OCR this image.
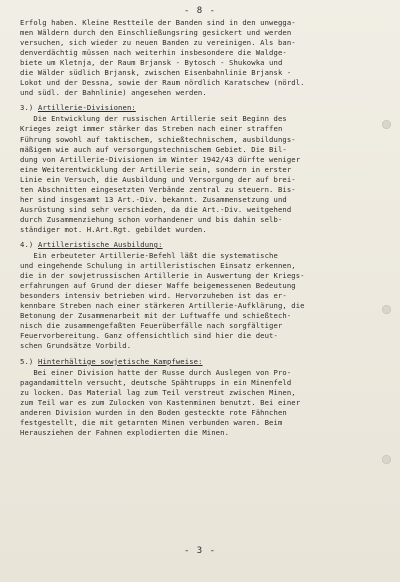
- 8 -

Erfolg haben. Kleine Restteile der Banden sind in den unwegga-
men Wäldern durch den Einschließungsring gesickert und werden
versuchen, sich wieder zu neuen Banden zu vereinigen. Als ban-
denverdächtig müssen nach weiterhin insbesondere die Waldge-
biete um Kletnja, der Raum Brjansk - Bytosch - Shukowka und
die Wälder südlich Brjansk, zwischen Eisenbahnlinie Brjansk -
Lokot und der Dessna, sowie der Raum nördlich Karatschew (nördl.
und südl. der Bahnlinie) angesehen werden.

3.) Artillerie-Divisionen:

Die Entwicklung der russischen Artillerie seit Beginn des
Krieges zeigt immer stärker das Streben nach einer straffen
Führung sowohl auf taktischem, schießtechnischem, ausbildungs-
mäßigem wie auch auf versorgungstechnischem Gebiet. Die Bil-
dung von Artillerie-Divisionen im Winter 1942/43 dürfte weniger
eine Weiterentwicklung der Artillerie sein, sondern in erster
Linie ein Versuch, die Ausbildung und Versorgung der auf brei-
ten Abschnitten eingesetzten Verbände zentral zu steuern. Bis-
her sind insgesamt 13 Art.-Div. bekannt. Zusammensetzung und
Ausrüstung sind sehr verschieden, da die Art.-Div. weitgehend
durch Zusammenziehung schon vorhandener und bis dahin selb-
ständiger mot. H.Art.Rgt. gebildet wurden.

4.) Artilleristische Ausbildung:

Ein erbeuteter Artillerie-Befehl läßt die systematische
und eingehende Schulung in artilleristischen Einsatz erkennen,
die in der sowjetrussischen Artillerie in Auswertung der Kriegs-
erfahrungen auf Grund der dieser Waffe beigemessenen Bedeutung
besonders intensiv betrieben wird. Hervorzuheben ist das er-
kennbare Streben nach einer stärkeren Artillerie-Aufklärung, die
Betonung der Zusammenarbeit mit der Luftwaffe und schießtech-
nisch die zusammengefaßten Feuerüberfälle nach sorgfältiger
Feuervorbereitung. Ganz offensichtlich sind hier die deut-
schen Grundsätze Vorbild.

5.) Hinterhältige sowjetische Kampfweise:

Bei einer Division hatte der Russe durch Auslegen von Pro-
pagandamitteln versucht, deutsche Spähtrupps in ein Minenfeld
zu locken. Das Material lag zum Teil verstreut zwischen Minen,
zum Teil war es zum Zulocken von Kastenminen benutzt. Bei einer
anderen Division wurden in den Boden gesteckte rote Fähnchen
festgestellt, die mit getarnten Minen verbunden waren. Beim
Herausziehen der Fahnen explodierten die Minen.

- 3 -
